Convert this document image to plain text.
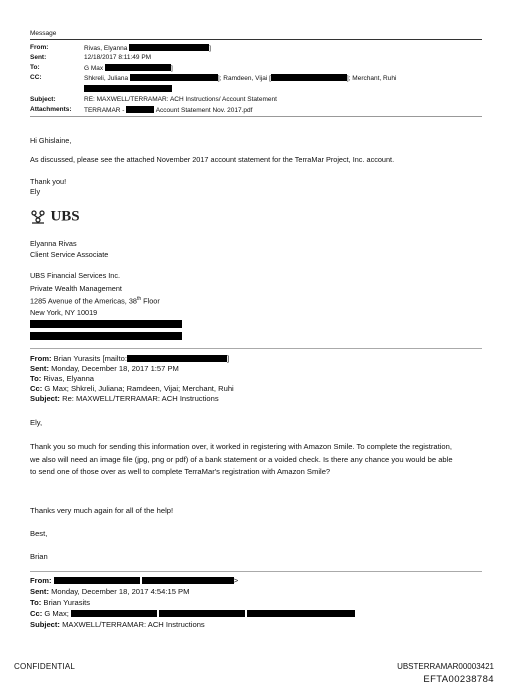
Message
From:	Rivas, Elyanna	]
Sent:	12/18/2017 8:11:49 PM
To:	G Max	]
CC:	Shkreli, Juliana	]; Ramdeen, Vijai [	]; Merchant, Ruhi
Subject:	RE: MAXWELL/TERRAMAR: ACH Instructions/ Account Statement
Attachments: TERRAMAR -	Account Statement Nov. 2017.pdf
Hi Ghislaine,
As discussed, please see the attached November 2017 account statement for the TerraMar Project, Inc. account.
Thank you!
Ely
UBS
Elyanna Rivas
Client Service Associate
UBS Financial Services Inc.
Private Wealth Management
1285 Avenue of the Americas, 38th Floor
New York, NY 10019
From: Brian Yurasits [mailto:	]
Sent: Monday, December 18, 2017 1:57 PM
To: Rivas, Elyanna
Cc: G Max; Shkreli, Juliana; Ramdeen, Vijai; Merchant, Ruhi
Subject: Re: MAXWELL/TERRAMAR: ACH Instructions
Ely,
Thank you so much for sending this information over, it worked in registering with Amazon Smile. To complete the registration, we also will need an image file (jpg, png or pdf) of a bank statement or a voided check. Is there any chance you would be able to send one of those over as well to complete TerraMar's registration with Amazon Smile?
Thanks very much again for all of the help!
Best,
Brian
From:	>
Sent: Monday, December 18, 2017 4:54:15 PM
To: Brian Yurasits
Cc: G Max;
Subject: MAXWELL/TERRAMAR: ACH Instructions
CONFIDENTIAL	UBSTERRAMAR00003421
EFTA00238784
